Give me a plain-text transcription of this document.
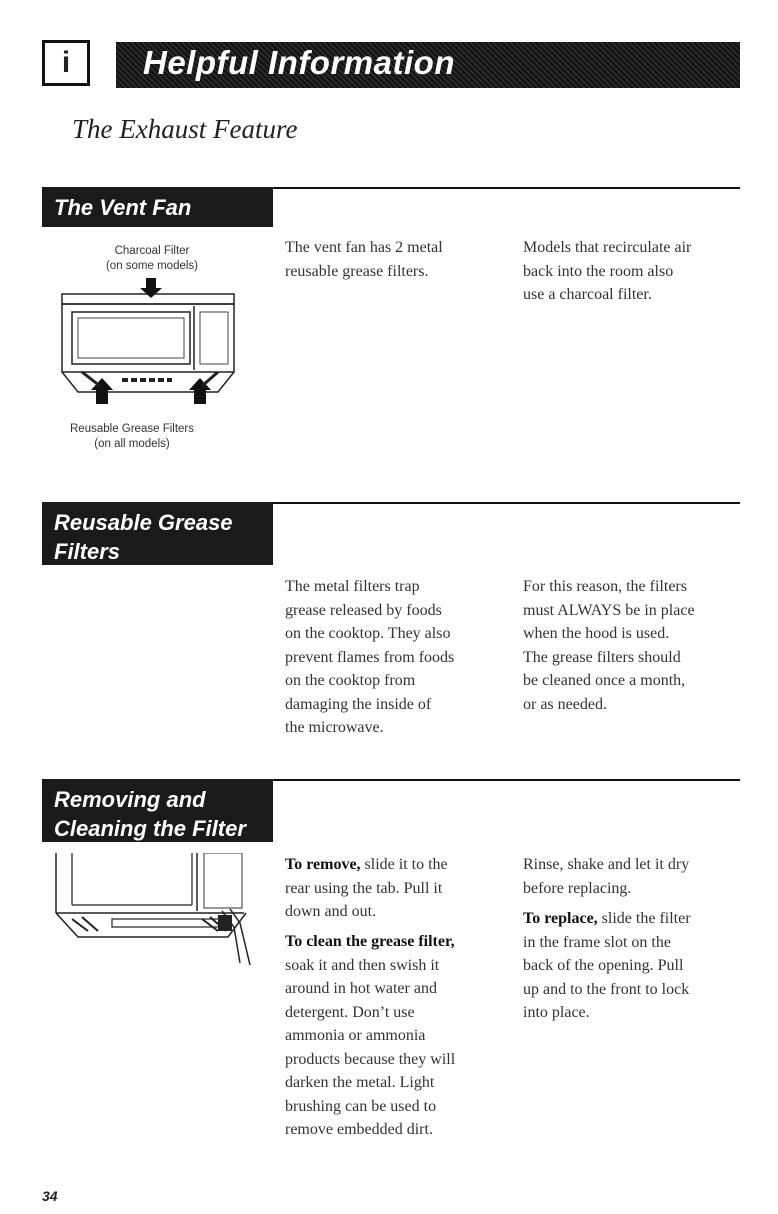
i	Helpful Information
The Exhaust Feature
The Vent Fan
Charcoal Filter
(on some models)
Reusable Grease Filters
(on all models)
The vent fan has 2 metal
reusable grease filters.
Models that recirculate air
back into the room also
use a charcoal filter.
Reusable Grease Filters
The metal filters trap
grease released by foods
on the cooktop. They also
prevent flames from foods
on the cooktop from
damaging the inside of
the microwave.
For this reason, the filters
must ALWAYS be in place
when the hood is used.
The grease filters should
be cleaned once a month,
or as needed.
Removing and Cleaning the Filter
To remove, slide it to the
rear using the tab. Pull it
down and out.
To clean the grease filter,
soak it and then swish it
around in hot water and
detergent. Don’t use
ammonia or ammonia
products because they will
darken the metal. Light
brushing can be used to
remove embedded dirt.
Rinse, shake and let it dry
before replacing.
To replace, slide the filter
in the frame slot on the
back of the opening. Pull
up and to the front to lock
into place.
34
